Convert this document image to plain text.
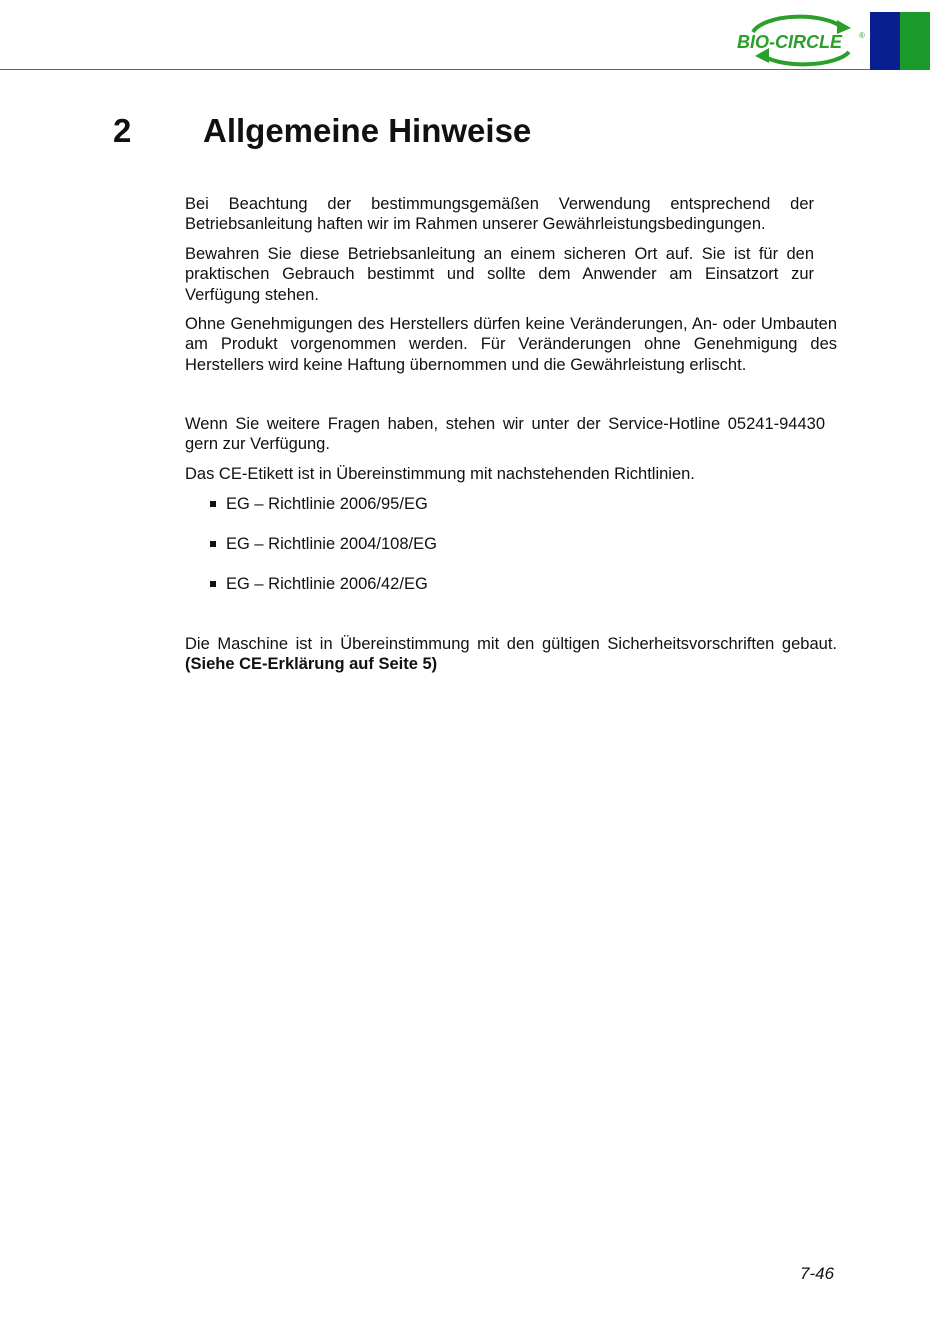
BIO-CIRCLE ®
2	Allgemeine Hinweise
Bei Beachtung der bestimmungsgemäßen Verwendung entsprechend der Betriebsanleitung haften wir im Rahmen unserer Gewährleistungsbedingungen.
Bewahren Sie diese Betriebsanleitung an einem sicheren Ort auf. Sie ist für den praktischen Gebrauch bestimmt und sollte dem Anwender am Einsatzort zur Verfügung stehen.
Ohne Genehmigungen des Herstellers dürfen keine Veränderungen, An- oder Umbauten am Produkt vorgenommen werden. Für Veränderungen ohne Genehmigung des Herstellers wird keine Haftung übernommen und die Gewährleistung erlischt.
Wenn Sie weitere Fragen haben, stehen wir unter der Service-Hotline 05241-94430 gern zur Verfügung.
Das CE-Etikett ist in Übereinstimmung mit nachstehenden Richtlinien.
EG – Richtlinie 2006/95/EG
EG – Richtlinie 2004/108/EG
EG – Richtlinie 2006/42/EG
Die Maschine ist in Übereinstimmung mit den gültigen Sicherheitsvorschriften gebaut. (Siehe CE-Erklärung auf Seite 5)
7-46
